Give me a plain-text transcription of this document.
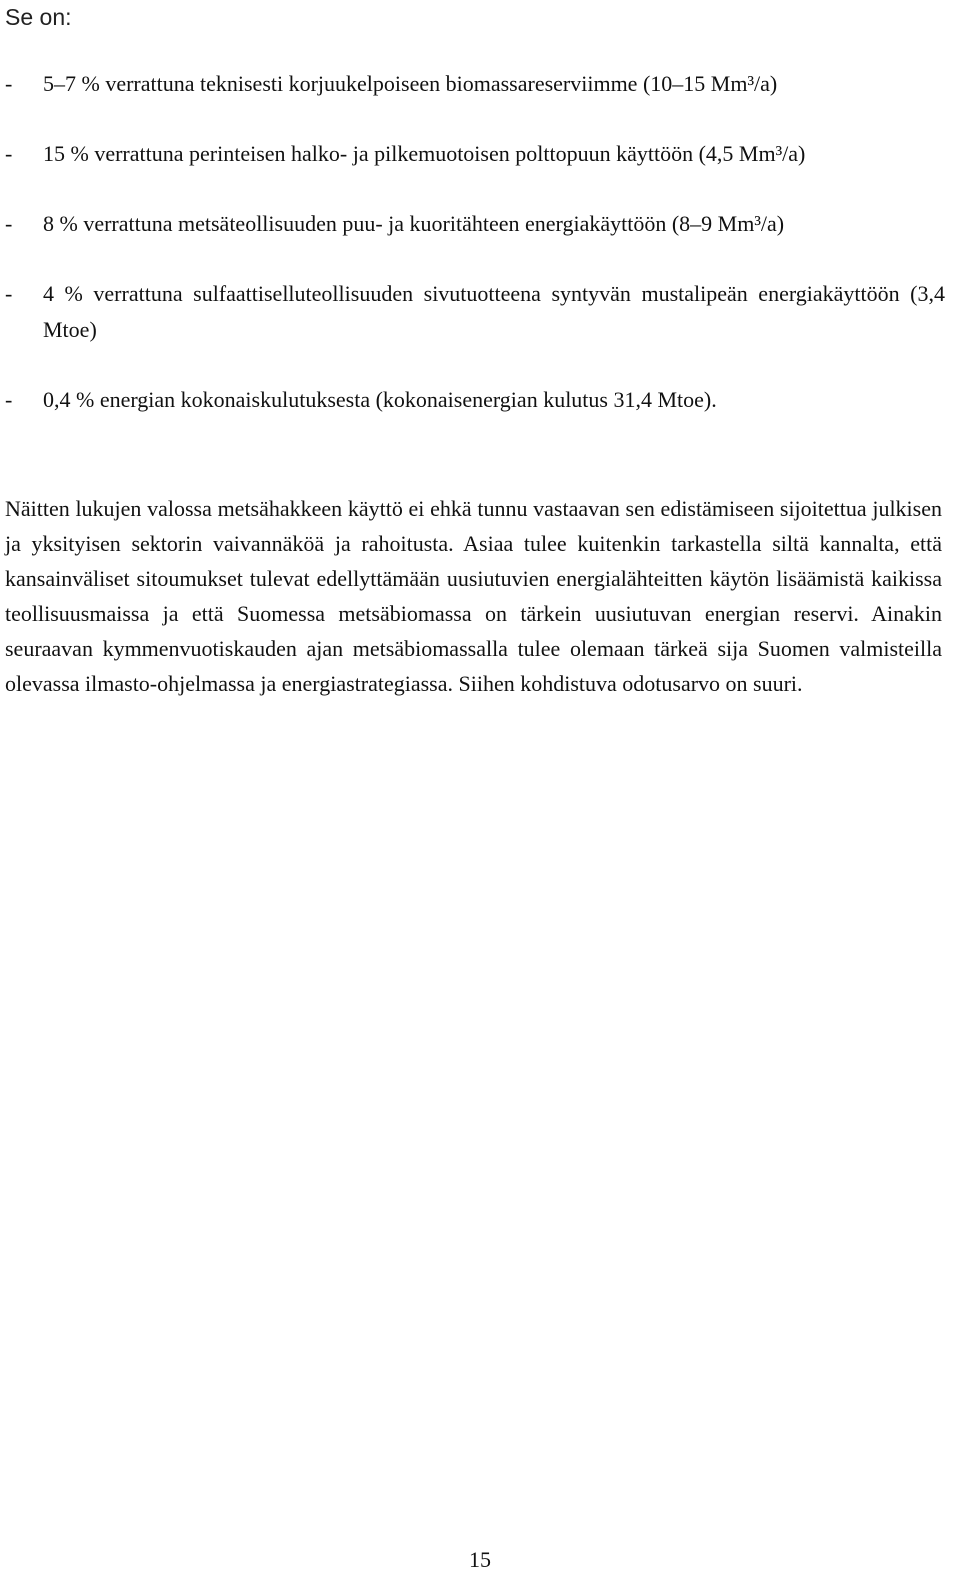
Se on:

- 5–7 % verrattuna teknisesti korjuukelpoiseen biomassareserviimme (10–15 Mm³/a)
- 15 % verrattuna perinteisen halko- ja pilkemuotoisen polttopuun käyttöön (4,5 Mm³/a)
- 8 % verrattuna metsäteollisuuden puu- ja kuoritähteen energiakäyttöön (8–9 Mm³/a)
- 4 % verrattuna sulfaattiselluteollisuuden sivutuotteena syntyvän mustalipeän energiakäyttöön (3,4 Mtoe)
- 0,4 % energian kokonaiskulutuksesta (kokonaisenergian kulutus 31,4 Mtoe).

Näitten lukujen valossa metsähakkeen käyttö ei ehkä tunnu vastaavan sen edistämiseen sijoitettua julkisen ja yksityisen sektorin vaivannäköä ja rahoitusta. Asiaa tulee kuitenkin tarkastella siltä kannalta, että kansainväliset sitoumukset tulevat edellyttämään uusiutuvien energialähteitten käytön lisäämistä kaikissa teollisuusmaissa ja että Suomessa metsäbiomassa on tärkein uusiutuvan energian reservi. Ainakin seuraavan kymmenvuotiskauden ajan metsäbiomassalla tulee olemaan tärkeä sija Suomen valmisteilla olevassa ilmasto-ohjelmassa ja energiastrategiassa. Siihen kohdistuva odotusarvo on suuri.

15
